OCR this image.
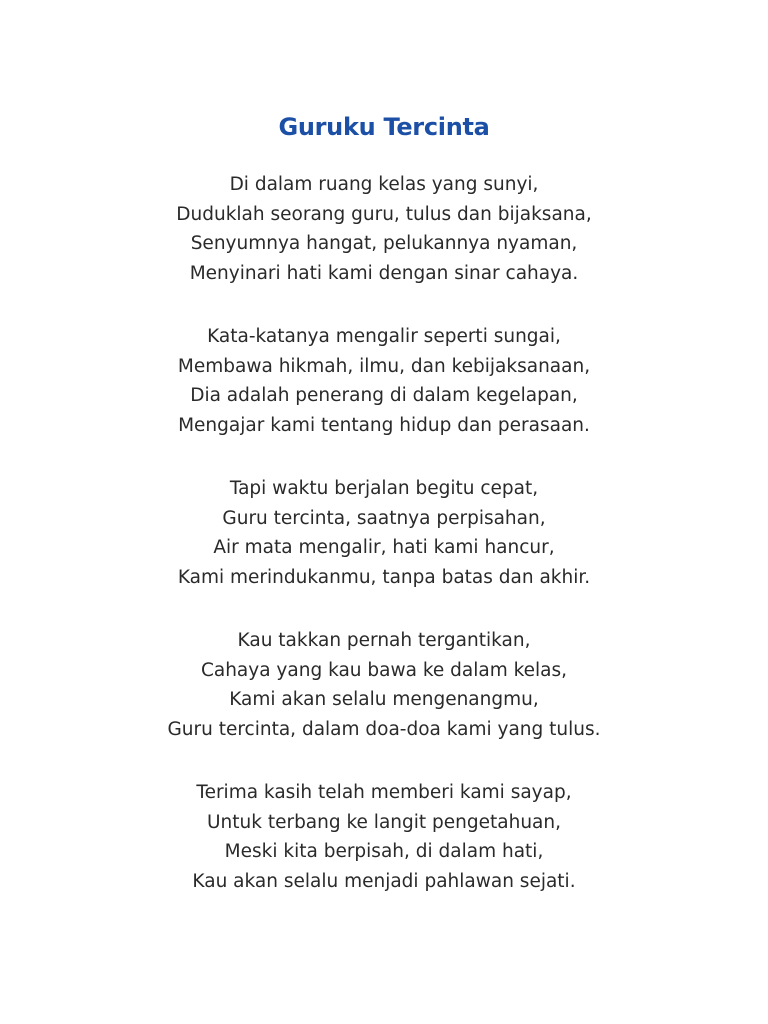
Guruku Tercinta
Di dalam ruang kelas yang sunyi,
Duduklah seorang guru, tulus dan bijaksana,
Senyumnya hangat, pelukannya nyaman,
Menyinari hati kami dengan sinar cahaya.
Kata-katanya mengalir seperti sungai,
Membawa hikmah, ilmu, dan kebijaksanaan,
Dia adalah penerang di dalam kegelapan,
Mengajar kami tentang hidup dan perasaan.
Tapi waktu berjalan begitu cepat,
Guru tercinta, saatnya perpisahan,
Air mata mengalir, hati kami hancur,
Kami merindukanmu, tanpa batas dan akhir.
Kau takkan pernah tergantikan,
Cahaya yang kau bawa ke dalam kelas,
Kami akan selalu mengenangmu,
Guru tercinta, dalam doa-doa kami yang tulus.
Terima kasih telah memberi kami sayap,
Untuk terbang ke langit pengetahuan,
Meski kita berpisah, di dalam hati,
Kau akan selalu menjadi pahlawan sejati.
